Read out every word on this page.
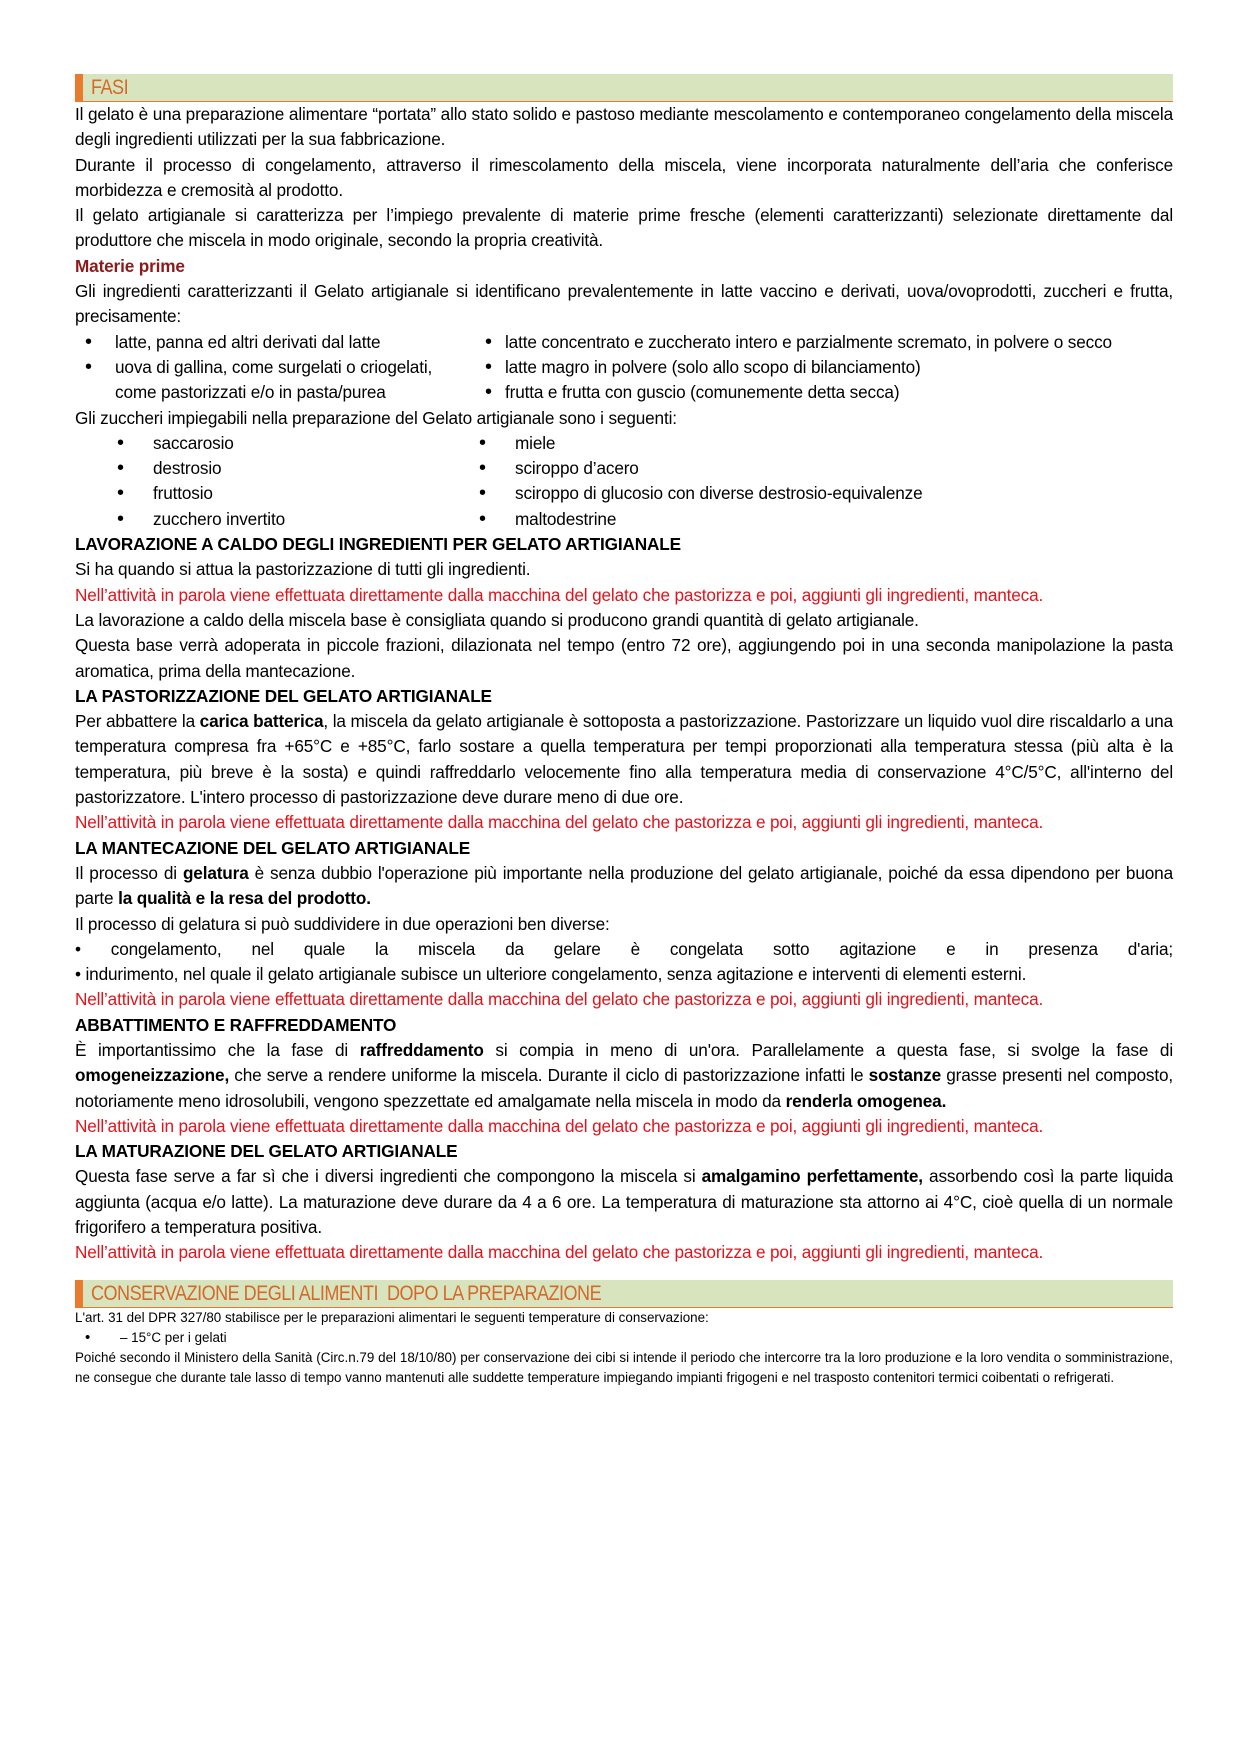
FASI

Il gelato è una preparazione alimentare “portata” allo stato solido e pastoso mediante mescolamento e contemporaneo congelamento della miscela degli ingredienti utilizzati per la sua fabbricazione.

Durante il processo di congelamento, attraverso il rimescolamento della miscela, viene incorporata naturalmente dell’aria che conferisce morbidezza e cremosità al prodotto.

Il gelato artigianale si caratterizza per l’impiego prevalente di materie prime fresche (elementi caratterizzanti) selezionate direttamente dal produttore che miscela in modo originale, secondo la propria creatività.

Materie prime

Gli ingredienti caratterizzanti il Gelato artigianale si identificano prevalentemente in latte vaccino e derivati, uova/ovoprodotti, zuccheri e frutta, precisamente:

• latte, panna ed altri derivati dal latte
• uova di gallina, come surgelati o criogelati, come pastorizzati e/o in pasta/purea
• latte concentrato e zuccherato intero e parzialmente scremato, in polvere o secco
• latte magro in polvere (solo allo scopo di bilanciamento)
• frutta e frutta con guscio (comunemente detta secca)

Gli zuccheri impiegabili nella preparazione del Gelato artigianale sono i seguenti:

• saccarosio
• destrosio
• fruttosio
• zucchero invertito
• miele
• sciroppo d’acero
• sciroppo di glucosio con diverse destrosio-equivalenze
• maltodestrine

LAVORAZIONE A CALDO DEGLI INGREDIENTI PER GELATO ARTIGIANALE

Si ha quando si attua la pastorizzazione di tutti gli ingredienti.

Nell’attività in parola viene effettuata direttamente dalla macchina del gelato che pastorizza e poi, aggiunti gli ingredienti, manteca.

La lavorazione a caldo della miscela base è consigliata quando si producono grandi quantità di gelato artigianale.

Questa base verrà adoperata in piccole frazioni, dilazionata nel tempo (entro 72 ore), aggiungendo poi in una seconda manipolazione la pasta aromatica, prima della mantecazione.

LA PASTORIZZAZIONE DEL GELATO ARTIGIANALE

Per abbattere la carica batterica, la miscela da gelato artigianale è sottoposta a pastorizzazione. Pastorizzare un liquido vuol dire riscaldarlo a una temperatura compresa fra +65°C e +85°C, farlo sostare a quella temperatura per tempi proporzionati alla temperatura stessa (più alta è la temperatura, più breve è la sosta) e quindi raffreddarlo velocemente fino alla temperatura media di conservazione 4°C/5°C, all'interno del pastorizzatore. L'intero processo di pastorizzazione deve durare meno di due ore.

Nell’attività in parola viene effettuata direttamente dalla macchina del gelato che pastorizza e poi, aggiunti gli ingredienti, manteca.

LA MANTECAZIONE DEL GELATO ARTIGIANALE

Il processo di gelatura è senza dubbio l'operazione più importante nella produzione del gelato artigianale, poiché da essa dipendono per buona parte la qualità e la resa del prodotto.

Il processo di gelatura si può suddividere in due operazioni ben diverse:

• congelamento, nel quale la miscela da gelare è congelata sotto agitazione e in presenza d'aria;

• indurimento, nel quale il gelato artigianale subisce un ulteriore congelamento, senza agitazione e interventi di elementi esterni.

Nell’attività in parola viene effettuata direttamente dalla macchina del gelato che pastorizza e poi, aggiunti gli ingredienti, manteca.

ABBATTIMENTO E RAFFREDDAMENTO

È importantissimo che la fase di raffreddamento si compia in meno di un'ora. Parallelamente a questa fase, si svolge la fase di omogeneizzazione, che serve a rendere uniforme la miscela. Durante il ciclo di pastorizzazione infatti le sostanze grasse presenti nel composto, notoriamente meno idrosolubili, vengono spezzettate ed amalgamate nella miscela in modo da renderla omogenea.

Nell’attività in parola viene effettuata direttamente dalla macchina del gelato che pastorizza e poi, aggiunti gli ingredienti, manteca.

LA MATURAZIONE DEL GELATO ARTIGIANALE

Questa fase serve a far sì che i diversi ingredienti che compongono la miscela si amalgamino perfettamente, assorbendo così la parte liquida aggiunta (acqua e/o latte). La maturazione deve durare da 4 a 6 ore. La temperatura di maturazione sta attorno ai 4°C, cioè quella di un normale frigorifero a temperatura positiva.

Nell’attività in parola viene effettuata direttamente dalla macchina del gelato che pastorizza e poi, aggiunti gli ingredienti, manteca.

CONSERVAZIONE DEGLI ALIMENTI  DOPO LA PREPARAZIONE

L'art. 31 del DPR 327/80 stabilisce per le preparazioni alimentari le seguenti temperature di conservazione:

• – 15°C per i gelati

Poiché secondo il Ministero della Sanità (Circ.n.79 del 18/10/80) per conservazione dei cibi si intende il periodo che intercorre tra la loro produzione e la loro vendita o somministrazione, ne consegue che durante tale lasso di tempo vanno mantenuti alle suddette temperature impiegando impianti frigogeni e nel trasposto contenitori termici coibentati o refrigerati.
